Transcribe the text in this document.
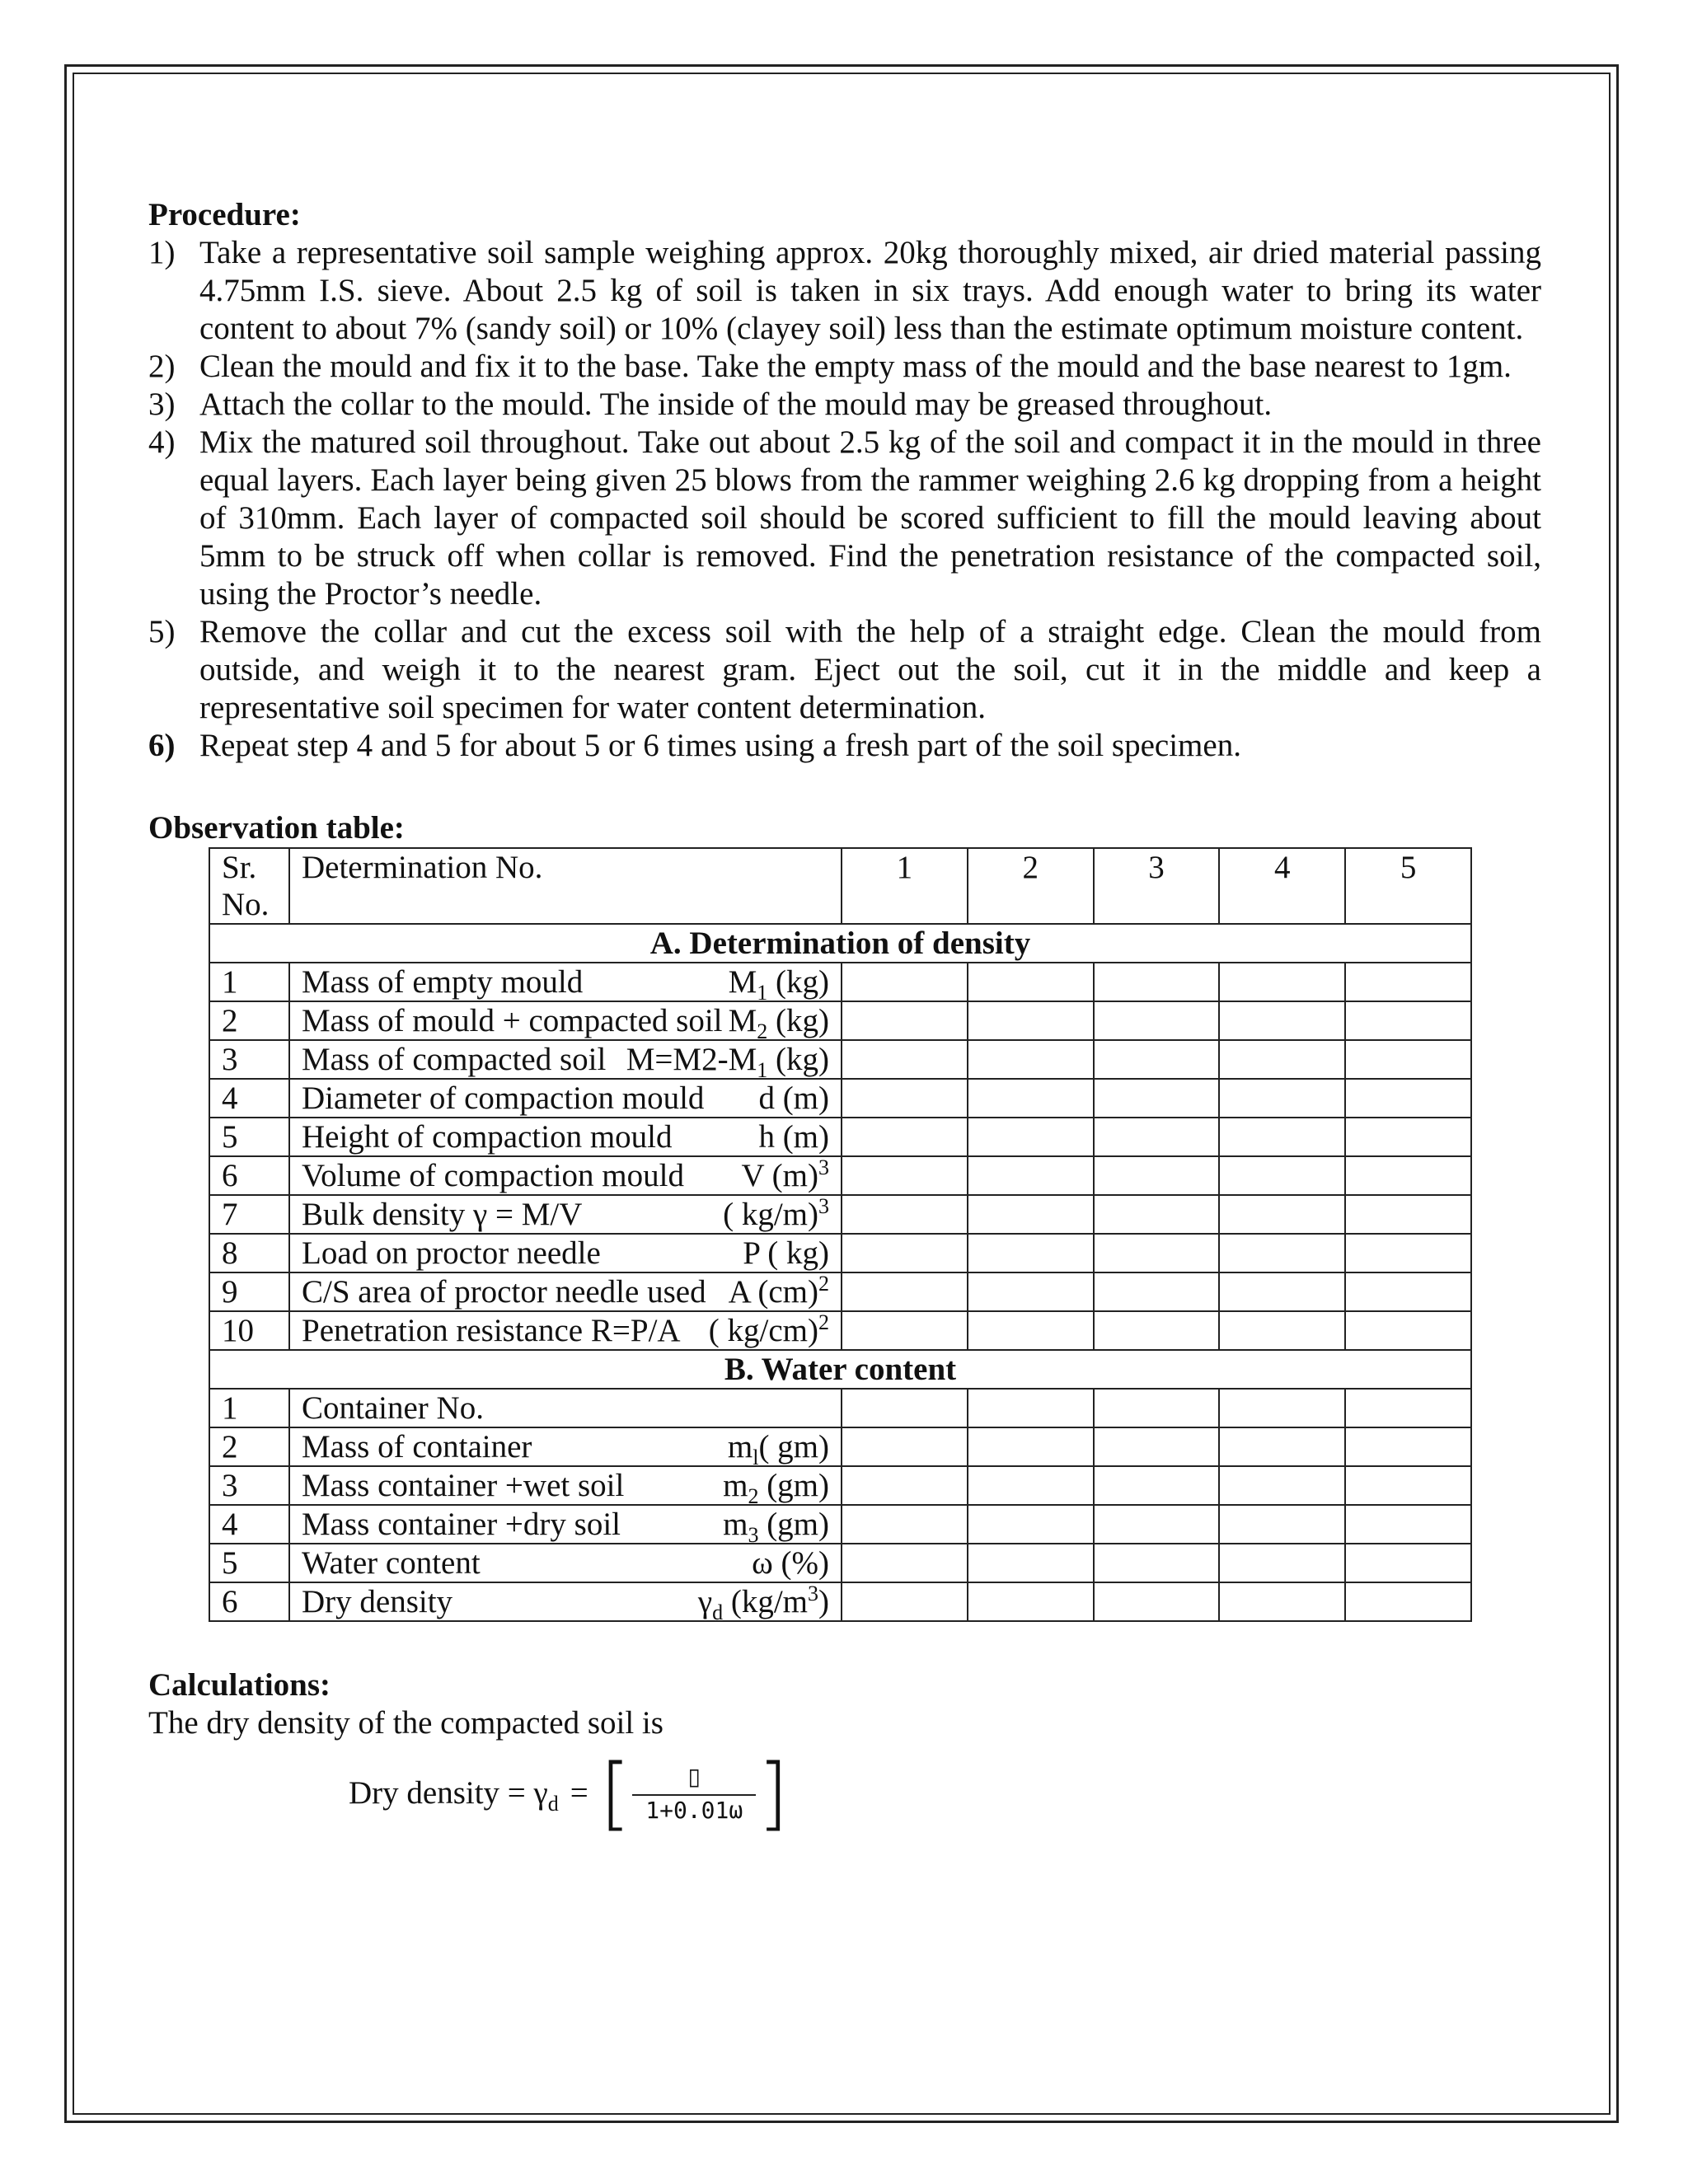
Procedure:
1) Take a representative soil sample weighing approx. 20kg thoroughly mixed, air dried material passing 4.75mm I.S. sieve. About 2.5 kg of soil is taken in six trays. Add enough water to bring its water content to about 7% (sandy soil) or 10% (clayey soil) less than the estimate optimum moisture content.
2) Clean the mould and fix it to the base. Take the empty mass of the mould and the base nearest to 1gm.
3) Attach the collar to the mould. The inside of the mould may be greased throughout.
4) Mix the matured soil throughout. Take out about 2.5 kg of the soil and compact it in the mould in three equal layers. Each layer being given 25 blows from the rammer weighing 2.6 kg dropping from a height of 310mm. Each layer of compacted soil should be scored sufficient to fill the mould leaving about 5mm to be struck off when collar is removed. Find the penetration resistance of the compacted soil, using the Proctor’s needle.
5) Remove the collar and cut the excess soil with the help of a straight edge. Clean the mould from outside, and weigh it to the nearest gram. Eject out the soil, cut it in the middle and keep a representative soil specimen for water content determination.
6) Repeat step 4 and 5 for about 5 or 6 times using a fresh part of the soil specimen.
Observation table:
Sr. No.	Determination No.	1	2	3	4	5
A. Determination of density						
1	Mass of empty mould $M_1$ (kg)					

2	Mass of mould + compacted soil $M_2$ (kg)					

3	Mass of compacted soil $M=M2-M_1$ (kg)					

4	Diameter of compaction mould d (m)					

5	Height of compaction mould h (m)					

6	Volume of compaction mould V $(m)^3$

7	Bulk density γ = M/V ( kg/m)$^3$

8	Load on proctor needle P ( kg)					

9	C/S area of proctor needle used A (cm)$^2$

10	Penetration resistance R=P/A ( kg/cm)$^2$

B. Water content						
1	Container No.					

2	Mass of container $m_l$( gm)					

3	Mass container +wet soil $m_2$ (gm)					

4	Mass container +dry soil $m_3$ (gm)					

5	Water content ω (%)					

6	Dry density $\gamma_d$ $(kg/m^3)$					

Calculations:
The dry density of the compacted soil is
Dry density = $\gamma_d$ = [ $\frac{▯}{1+0.01\omega}$ ]
